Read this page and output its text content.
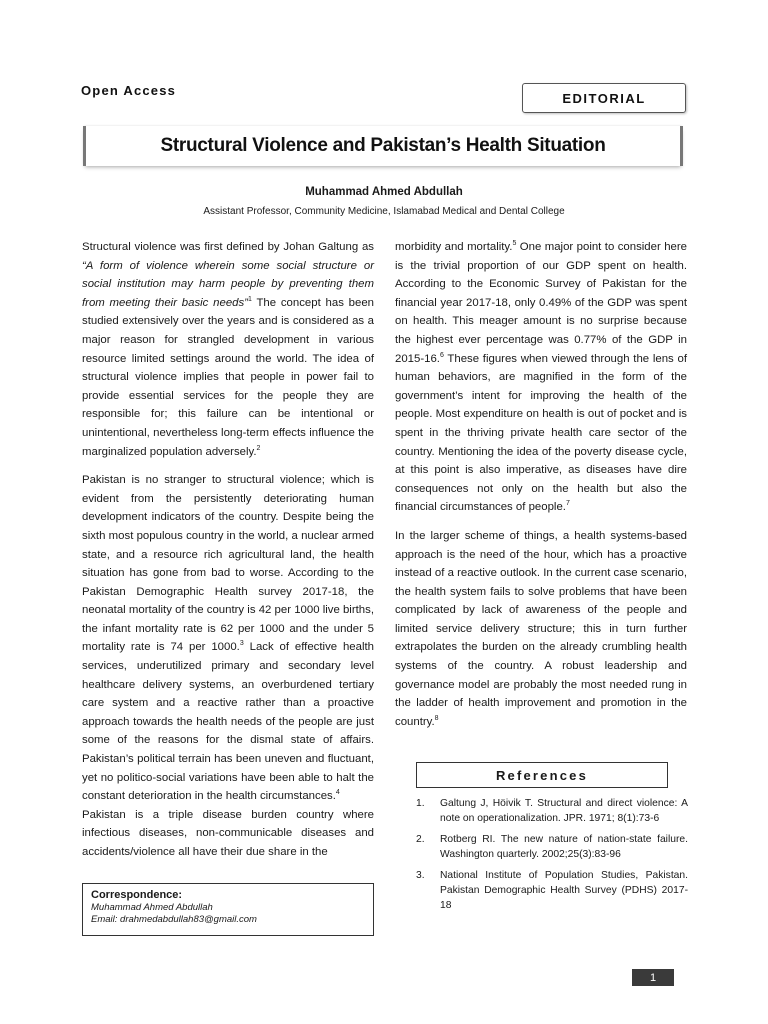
Open Access	EDITORIAL
Structural Violence and Pakistan’s Health Situation
Muhammad Ahmed Abdullah
Assistant Professor, Community Medicine, Islamabad Medical and Dental College

Structural violence was first defined by Johan Galtung as “A form of violence wherein some social structure or social institution may harm people by preventing them from meeting their basic needs”$^1$ The concept has been studied extensively over the years and is considered as a major reason for strangled development in various resource limited settings around the world. The idea of structural violence implies that people in power fail to provide essential services for the people they are responsible for; this failure can be intentional or unintentional, nevertheless long-term effects influence the marginalized population adversely.$^2$

Pakistan is no stranger to structural violence; which is evident from the persistently deteriorating human development indicators of the country. Despite being the sixth most populous country in the world, a nuclear armed state, and a resource rich agricultural land, the health situation has gone from bad to worse. According to the Pakistan Demographic Health survey 2017-18, the neonatal mortality of the country is 42 per 1000 live births, the infant mortality rate is 62 per 1000 and the under 5 mortality rate is 74 per 1000.$^3$ Lack of effective health services, underutilized primary and secondary level healthcare delivery systems, an overburdened tertiary care system and a reactive rather than a proactive approach towards the health needs of the people are just some of the reasons for the dismal state of affairs. Pakistan’s political terrain has been uneven and fluctuant, yet no politico-social variations have been able to halt the constant deterioration in the health circumstances.$^4$

Pakistan is a triple disease burden country where infectious diseases, non-communicable diseases and accidents/violence all have their due share in the

morbidity and mortality.$^5$ One major point to consider here is the trivial proportion of our GDP spent on health. According to the Economic Survey of Pakistan for the financial year 2017-18, only 0.49% of the GDP was spent on health. This meager amount is no surprise because the highest ever percentage was 0.77% of the GDP in 2015-16.$^6$ These figures when viewed through the lens of human behaviors, are magnified in the form of the government’s intent for improving the health of the people. Most expenditure on health is out of pocket and is spent in the thriving private health care sector of the country. Mentioning the idea of the poverty disease cycle, at this point is also imperative, as diseases have dire consequences not only on the health but also the financial circumstances of people.$^7$

In the larger scheme of things, a health systems-based approach is the need of the hour, which has a proactive instead of a reactive outlook. In the current case scenario, the health system fails to solve problems that have been complicated by lack of awareness of the people and limited service delivery structure; this in turn further extrapolates the burden on the already crumbling health systems of the country. A robust leadership and governance model are probably the most needed rung in the ladder of health improvement and promotion in the country.$^8$

Correspondence:
Muhammad Ahmed Abdullah
Email: drahmedabdullah83@gmail.com
References
1.	Galtung J, Höivik T. Structural and direct violence: A note on operationalization. JPR. 1971; 8(1):73-6
2.	Rotberg RI. The new nature of nation-state failure. Washington quarterly. 2002;25(3):83-96
3.	National Institute of Population Studies, Pakistan. Pakistan Demographic Health Survey (PDHS) 2017-18
1
